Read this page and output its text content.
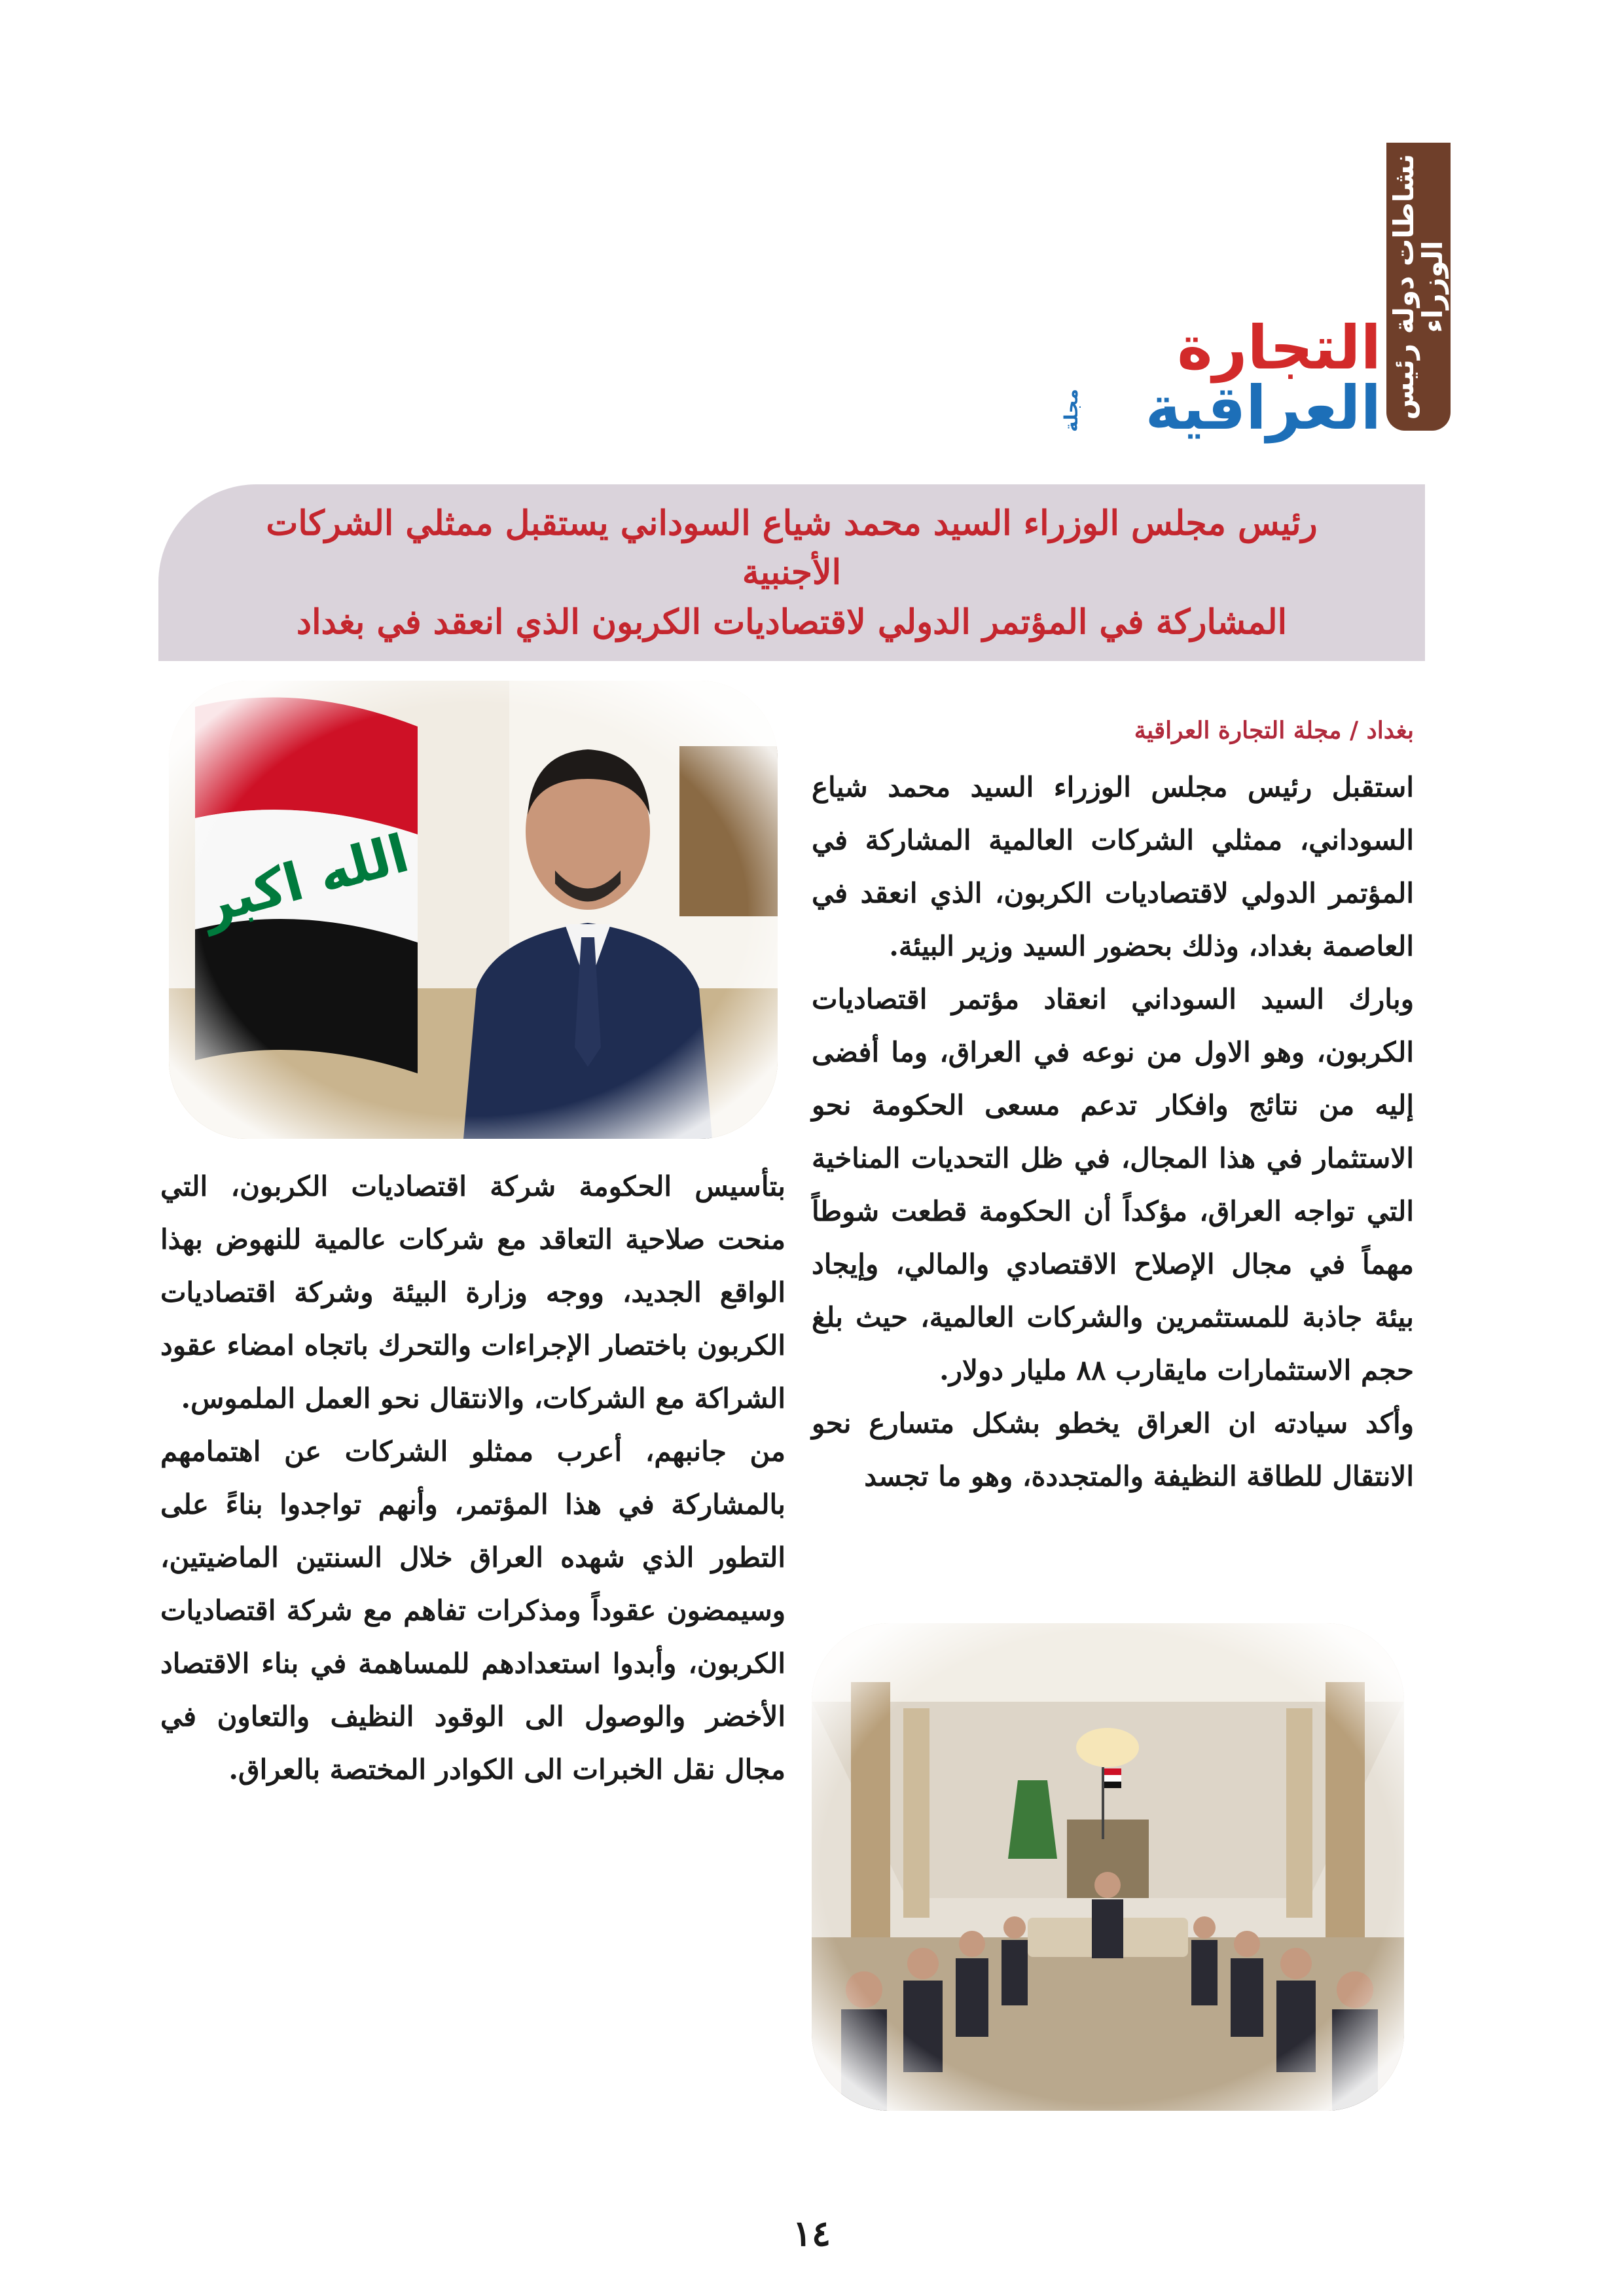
نشاطات دولة رئيس
الوزراء
التجارة العراقية
مجلة
رئيس مجلس الوزراء السيد محمد شياع السوداني يستقبل ممثلي الشركات الأجنبية
المشاركة في المؤتمر الدولي لاقتصاديات الكربون الذي انعقد في بغداد
بغداد / مجلة التجارة العراقية

استقبل رئيس مجلس الوزراء السيد محمد شياع السوداني، ممثلي الشركات العالمية المشاركة في المؤتمر الدولي لاقتصاديات الكربون، الذي انعقد في العاصمة بغداد، وذلك بحضور السيد وزير البيئة.

وبارك السيد السوداني انعقاد مؤتمر اقتصاديات الكربون، وهو الاول من نوعه في العراق، وما أفضى إليه من نتائج وافكار تدعم مسعى الحكومة نحو الاستثمار في هذا المجال، في ظل التحديات المناخية التي تواجه العراق، مؤكداً أن الحكومة قطعت شوطاً مهماً في مجال الإصلاح الاقتصادي والمالي، وإيجاد بيئة جاذبة للمستثمرين والشركات العالمية، حيث بلغ حجم الاستثمارات مايقارب ٨٨ مليار دولار.

وأكد سيادته ان العراق يخطو بشكل متسارع نحو الانتقال للطاقة النظيفة والمتجددة، وهو ما تجسد

بتأسيس الحكومة شركة اقتصاديات الكربون، التي منحت صلاحية التعاقد مع شركات عالمية للنهوض بهذا الواقع الجديد، ووجه وزارة البيئة وشركة اقتصاديات الكربون باختصار الإجراءات والتحرك باتجاه امضاء عقود الشراكة مع الشركات، والانتقال نحو العمل الملموس.

من جانبهم، أعرب ممثلو الشركات عن اهتمامهم بالمشاركة في هذا المؤتمر، وأنهم تواجدوا بناءً على التطور الذي شهده العراق خلال السنتين الماضيتين، وسيمضون عقوداً ومذكرات تفاهم مع شركة اقتصاديات الكربون، وأبدوا استعدادهم للمساهمة في بناء الاقتصاد الأخضر والوصول الى الوقود النظيف والتعاون في مجال نقل الخبرات الى الكوادر المختصة بالعراق.

١٤
